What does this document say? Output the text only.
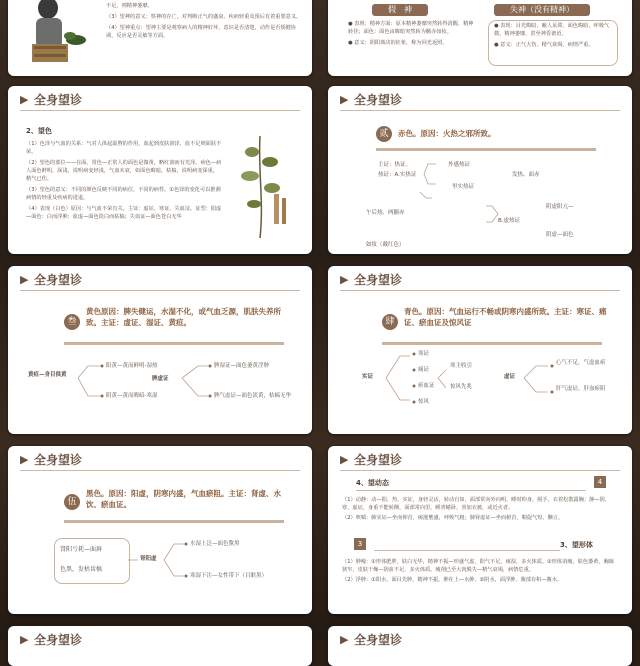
不足，则精神萎靡。
（3）望神的意义：察神的存亡，对判断正气的盛衰、疾病轻重及预后有着重要意义。
（4）望神重点：望神主要是观察病人的精神好坏、意识是否清楚，动作是否矫健协调，反应是否灵敏等方面。
假　神	失神（没有精神）
● 表现：精神方面：原本精神萎靡突然转得清醒、精神转佳；面色：面色由晦暗突然转为颧赤如妆。
● 意义：阴阳离决的征象，称为回光返照。
● 表现：目光晦暗，瞳人呆滞，面色晦暗，呼吸气微，精神萎靡，甚至神昏谵语。
● 意义：正气大伤，精气衰竭，病情严重。
▶ 全身望诊
2、望色
（1）色泽与气血的关系：气对人体起温煦的作用，血起到皮肤润泽，血不足则面肤不荣。
（2）望色的部位——在面。常色—正常人的面色是微黄，略红润而有光泽。病色—病人面色鲜明，深浅，说明病变轻浅，气血未衰，如面色晦暗，枯槁，说明病变深重，精气已伤。
（3）望色的意义：不同的颜色反映不同的病位，不同的病性。①色泽的变化可以推测病情的轻重及疾病的进退。
（4）表现（白色）原因：与气血不荣有关。主证：虚证、寒证、失血证。证型：阳虚—面色：白而浮肿；血虚—面色淡白而枯槁；失血证—面色苍白无华
▶ 全身望诊
贰	赤色。原因：火热之邪所致。
主证：热证。	外感热证
热证：A.实热证	发热、面赤
里实热证
阴虚阳亢—
午后热、两颧赤
B.虚热证
阴虚—面色
如妆（戴红色）
▶ 全身望诊
叁
黄色原因：脾失健运，水湿不化，或气血乏源，肌肤失养所致。主证：虚证、湿证、黄疸。
黄疸—身目俱黄
脾虚证
阳黄—黄而鲜明-湿热
阴黄—黄而晦暗-寒湿
脾湿证—面色萎黄浮肿
脾气虚证—面色淡黄，枯槁无华
▶ 全身望诊
肆
青色。原因：气血运行不畅或阴寒内盛所致。主证：寒证、痛证、瘀血证及惊风证
实证
寒证
痛证
瘀血证
惊风
寒主收引
惊风先兆
虚证
心气不足，气虚血瘀
肝气虚证，肝血瘀阻
▶ 全身望诊
伍
黑色。原因：阳虚，阴寒内盛，气血瘀阻。主证：肾虚、水饮、瘀血证。
肾阳亏耗—面唇
色黑，发枯齿槁
肾阳虚
水湿上泛—面色黧黑
寒湿下注—女性带下（目眶黑）
▶ 全身望诊
4、望动态	4
（1）动静：动—阳、热、实证，身轻灵活，转动自如，面部常向外向明，睡时仰身，脱手，衣着松散露胸；静—阴、寒、虚证，身重不能转侧，面部常向里，睡喜蜷卧，喜加衣被，或近火者。
（2）咳喘：肺实证—坐而仰首，痰涎壅盛，呼吸气粗；肺肾虚证—坐而俯首，喘促气短，懒言。
3	3、望形体
（1）肿瘦：①形体肥胖，肤白无华，精神不振—形盛气虚，阳气不足，痰湿，多火体质。②形体消瘦，肤色萎黄，胸廓狭窄，皮肤干燥—阴血不足，多火体质。瘦削已至大肉脱失—精气衰竭，病情危重。
（2）浮肿：①阳水，面目先肿，精神不振，肿在上—水肿。②阴水，面浮肿，腹部有积—腹水。
▶ 全身望诊	▶ 全身望诊
